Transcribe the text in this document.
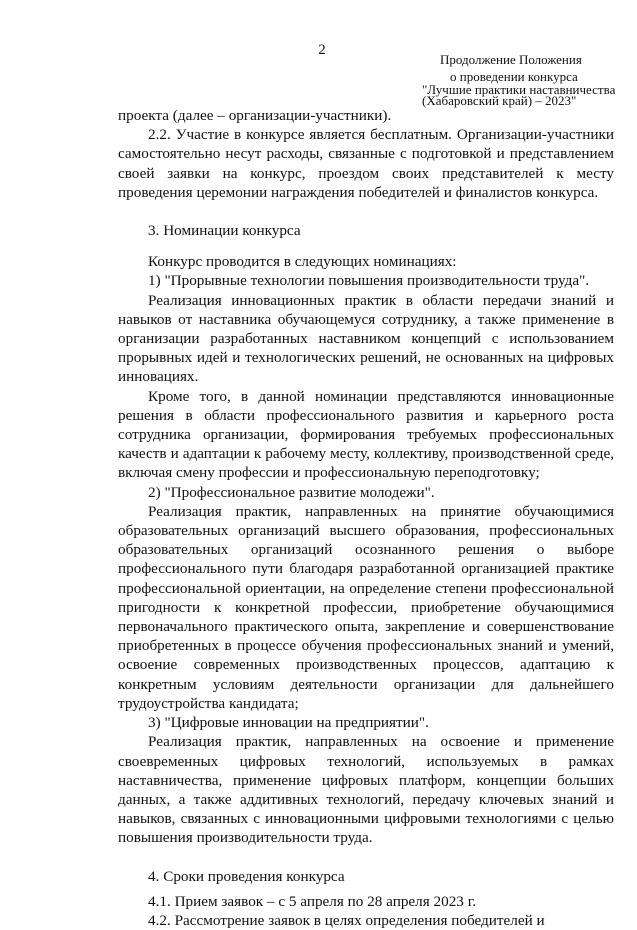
2
Продолжение Положения
о проведении конкурса
"Лучшие практики наставничества
(Хабаровский край) – 2023"

проекта (далее – организации-участники).

2.2. Участие в конкурсе является бесплатным. Организации-участники самостоятельно несут расходы, связанные с подготовкой и представлением своей заявки на конкурс, проездом своих представителей к месту проведения церемонии награждения победителей и финалистов конкурса.

3. Номинации конкурса

Конкурс проводится в следующих номинациях:

1) "Прорывные технологии повышения производительности труда".

Реализация инновационных практик в области передачи знаний и навыков от наставника обучающемуся сотруднику, а также применение в организации разработанных наставником концепций с использованием прорывных идей и технологических решений, не основанных на цифровых инновациях.

Кроме того, в данной номинации представляются инновационные решения в области профессионального развития и карьерного роста сотрудника организации, формирования требуемых профессиональных качеств и адаптации к рабочему месту, коллективу, производственной среде, включая смену профессии и профессиональную переподготовку;

2) "Профессиональное развитие молодежи".

Реализация практик, направленных на принятие обучающимися образовательных организаций высшего образования, профессиональных образовательных организаций осознанного решения о выборе профессионального пути благодаря разработанной организацией практике профессиональной ориентации, на определение степени профессиональной пригодности к конкретной профессии, приобретение обучающимися первоначального практического опыта, закрепление и совершенствование приобретенных в процессе обучения профессиональных знаний и умений, освоение современных производственных процессов, адаптацию к конкретным условиям деятельности организации для дальнейшего трудоустройства кандидата;

3) "Цифровые инновации на предприятии".

Реализация практик, направленных на освоение и применение своевременных цифровых технологий, используемых в рамках наставничества, применение цифровых платформ, концепции больших данных, а также аддитивных технологий, передачу ключевых знаний и навыков, связанных с инновационными цифровыми технологиями с целью повышения производительности труда.

4. Сроки проведения конкурса

4.1. Прием заявок – с 5 апреля по 28 апреля 2023 г.

4.2. Рассмотрение заявок в целях определения победителей и
